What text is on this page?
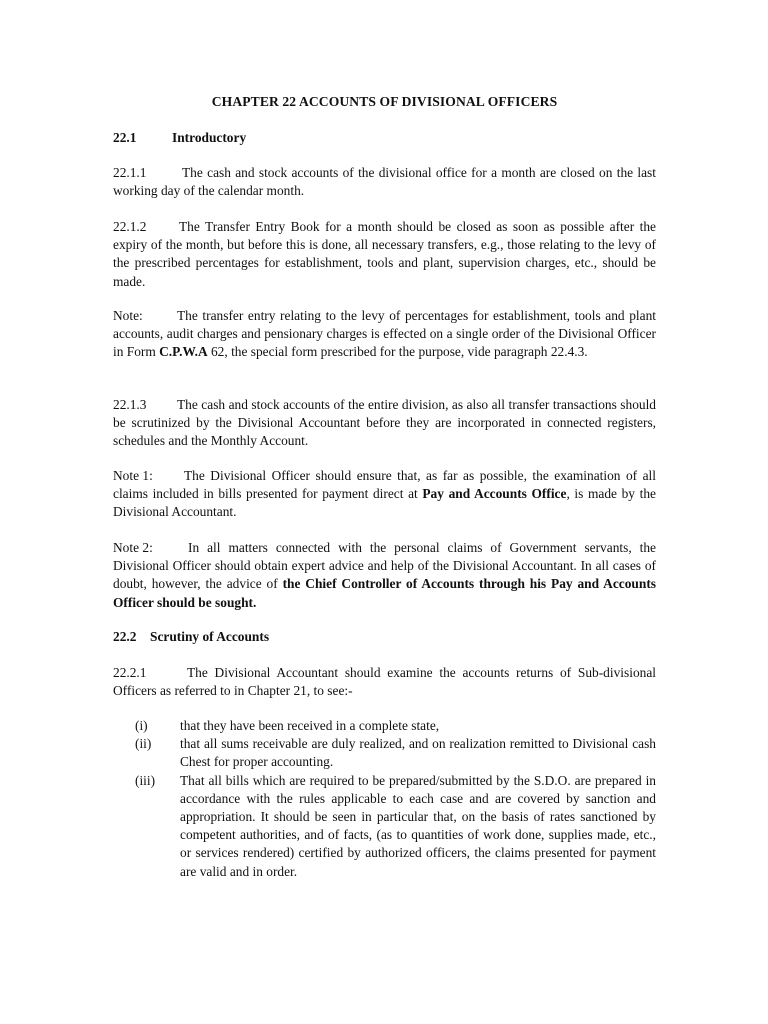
CHAPTER 22 ACCOUNTS OF DIVISIONAL OFFICERS
22.1	Introductory
22.1.1	The cash and stock accounts of the divisional office for a month are closed on the last working day of the calendar month.
22.1.2 The Transfer Entry Book for a month should be closed as soon as possible after the expiry of the month, but before this is done, all necessary transfers, e.g., those relating to the levy of the prescribed percentages for establishment, tools and plant, supervision charges, etc., should be made.
Note:	The transfer entry relating to the levy of percentages for establishment, tools and plant accounts, audit charges and pensionary charges is effected on a single order of the Divisional Officer in Form C.P.W.A 62, the special form prescribed for the purpose, vide paragraph 22.4.3.
22.1.3 The cash and stock accounts of the entire division, as also all transfer transactions should be scrutinized by the Divisional Accountant before they are incorporated in connected registers, schedules and the Monthly Account.
Note 1: The Divisional Officer should ensure that, as far as possible, the examination of all claims included in bills presented for payment direct at Pay and Accounts Office, is made by the Divisional Accountant.
Note 2:	In all matters connected with the personal claims of Government servants, the Divisional Officer should obtain expert advice and help of the Divisional Accountant. In all cases of doubt, however, the advice of the Chief Controller of Accounts through his Pay and Accounts Officer should be sought.
22.2 Scrutiny of Accounts
22.2.1	The Divisional Accountant should examine the accounts returns of Sub-divisional Officers as referred to in Chapter 21, to see:-
(i) that they have been received in a complete state,
(ii) that all sums receivable are duly realized, and on realization remitted to Divisional cash Chest for proper accounting.
(iii) That all bills which are required to be prepared/submitted by the S.D.O. are prepared in accordance with the rules applicable to each case and are covered by sanction and appropriation. It should be seen in particular that, on the basis of rates sanctioned by competent authorities, and of facts, (as to quantities of work done, supplies made, etc., or services rendered) certified by authorized officers, the claims presented for payment are valid and in order.
